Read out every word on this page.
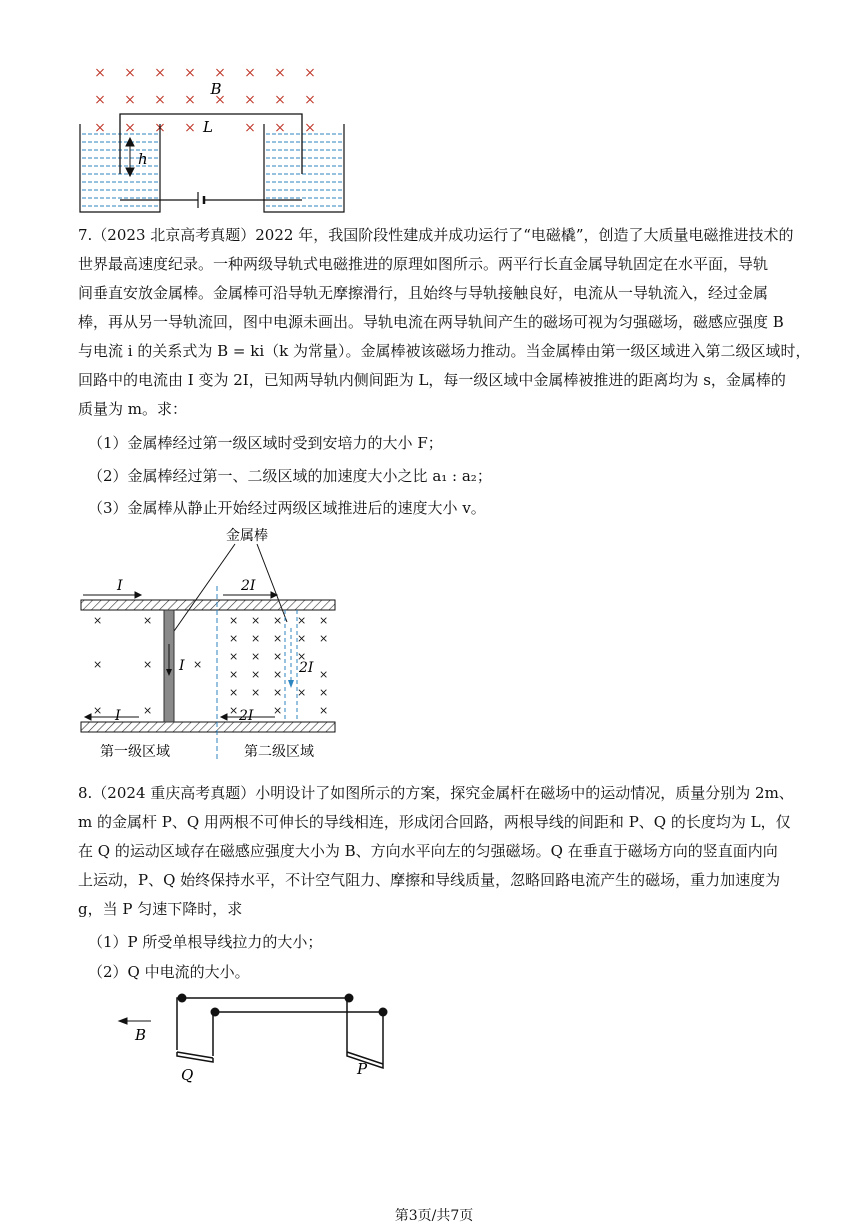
× × × × × × × ×
× × × × × × × ×
× × × ×	× × ×
B
L
h
7.（2023 北京高考真题）2022 年，我国阶段性建成并成功运行了“电磁橇”，创造了大质量电磁推进技术的
世界最高速度纪录。一种两级导轨式电磁推进的原理如图所示。两平行长直金属导轨固定在水平面，导轨
间垂直安放金属棒。金属棒可沿导轨无摩擦滑行，且始终与导轨接触良好，电流从一导轨流入，经过金属
棒，再从另一导轨流回，图中电源未画出。导轨电流在两导轨间产生的磁场可视为匀强磁场，磁感应强度 B
与电流 i 的关系式为 B = ki（k 为常量）。金属棒被该磁场力推动。当金属棒由第一级区域进入第二级区域时，
回路中的电流由 I 变为 2I，已知两导轨内侧间距为 L，每一级区域中金属棒被推进的距离均为 s，金属棒的
质量为 m。求：
（1）金属棒经过第一级区域时受到安培力的大小 F；
（2）金属棒经过第一、二级区域的加速度大小之比 a₁ : a₂；
（3）金属棒从静止开始经过两级区域推进后的速度大小 v。
金属棒
I	2I
I	2I
I
×	×
×	×
×	×
×
× × × × ×
× × × × ×
× × × ×
× × ×	×
× × × × ×
×	×	×
2I
第一级区域	第二级区域
8.（2024 重庆高考真题）小明设计了如图所示的方案，探究金属杆在磁场中的运动情况，质量分别为 2m、
m 的金属杆 P、Q 用两根不可伸长的导线相连，形成闭合回路，两根导线的间距和 P、Q 的长度均为 L，仅
在 Q 的运动区域存在磁感应强度大小为 B、方向水平向左的匀强磁场。Q 在垂直于磁场方向的竖直面内向
上运动，P、Q 始终保持水平，不计空气阻力、摩擦和导线质量，忽略回路电流产生的磁场，重力加速度为
g，当 P 匀速下降时，求
（1）P 所受单根导线拉力的大小；
（2）Q 中电流的大小。
B
Q	P
第3页/共7页
